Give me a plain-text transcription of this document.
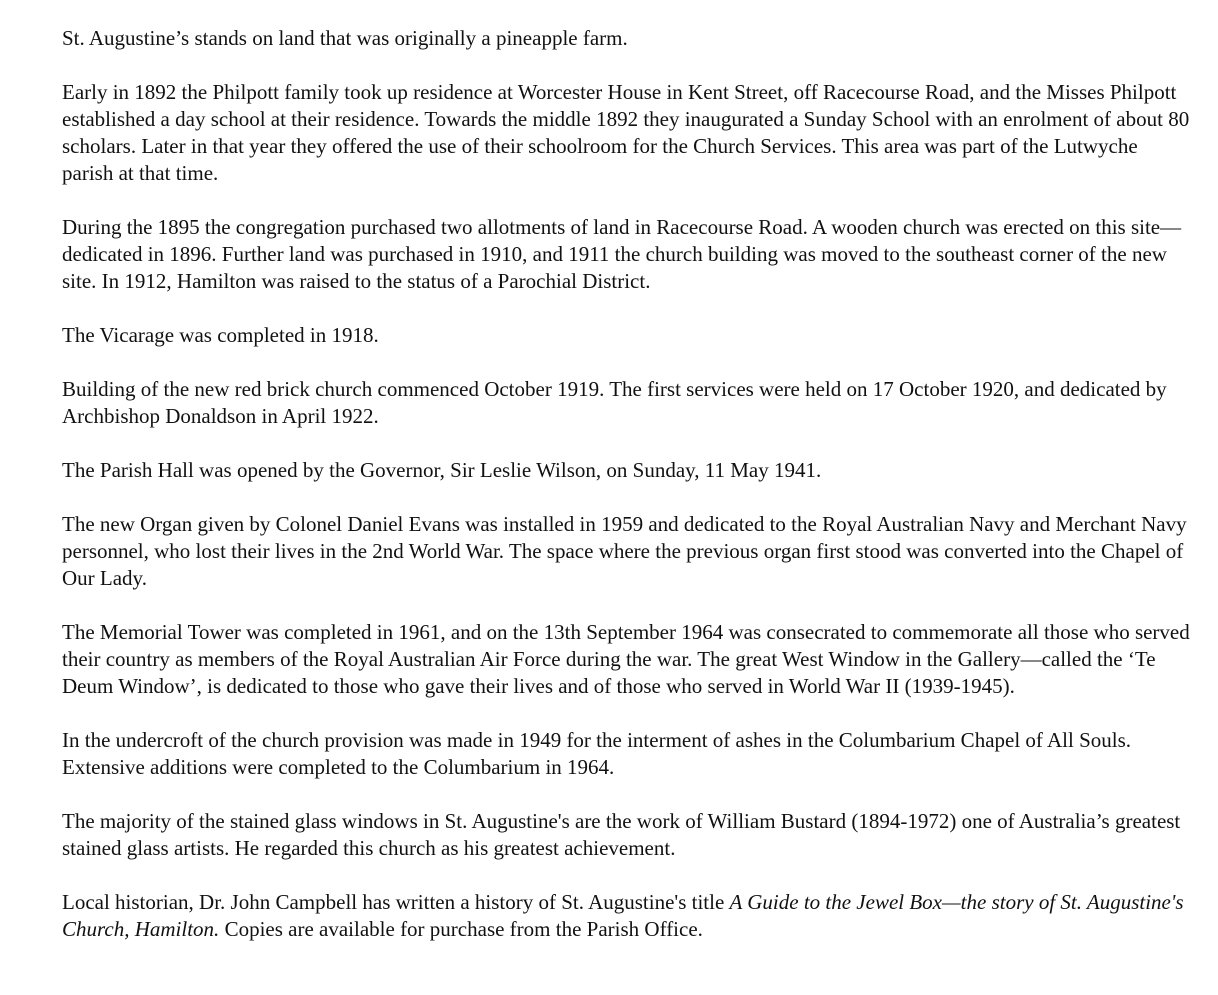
St. Augustine’s stands on land that was originally a pineapple farm.

Early in 1892 the Philpott family took up residence at Worcester House in Kent Street, off Racecourse Road, and the Misses Philpott established a day school at their residence. Towards the middle 1892 they inaugurated a Sunday School with an enrolment of about 80 scholars. Later in that year they offered the use of their schoolroom for the Church Services. This area was part of the Lutwyche parish at that time.

During the 1895 the congregation purchased two allotments of land in Racecourse Road. A wooden church was erected on this site—dedicated in 1896. Further land was purchased in 1910, and 1911 the church building was moved to the southeast corner of the new site. In 1912, Hamilton was raised to the status of a Parochial District.

The Vicarage was completed in 1918.

Building of the new red brick church commenced October 1919. The first services were held on 17 October 1920, and dedicated by Archbishop Donaldson in April 1922.

The Parish Hall was opened by the Governor, Sir Leslie Wilson, on Sunday, 11 May 1941.

The new Organ given by Colonel Daniel Evans was installed in 1959 and dedicated to the Royal Australian Navy and Merchant Navy personnel, who lost their lives in the 2nd World War. The space where the previous organ first stood was converted into the Chapel of Our Lady.

The Memorial Tower was completed in 1961, and on the 13th September 1964 was consecrated to commemorate all those who served their country as members of the Royal Australian Air Force during the war. The great West Window in the Gallery—called the ‘Te Deum Window’, is dedicated to those who gave their lives and of those who served in World War II (1939-1945).

In the undercroft of the church provision was made in 1949 for the interment of ashes in the Columbarium Chapel of All Souls. Extensive additions were completed to the Columbarium in 1964.

The majority of the stained glass windows in St. Augustine's are the work of William Bustard (1894-1972) one of Australia’s greatest stained glass artists. He regarded this church as his greatest achievement.

Local historian, Dr. John Campbell has written a history of St. Augustine's title A Guide to the Jewel Box—the story of St. Augustine's Church, Hamilton. Copies are available for purchase from the Parish Office.
